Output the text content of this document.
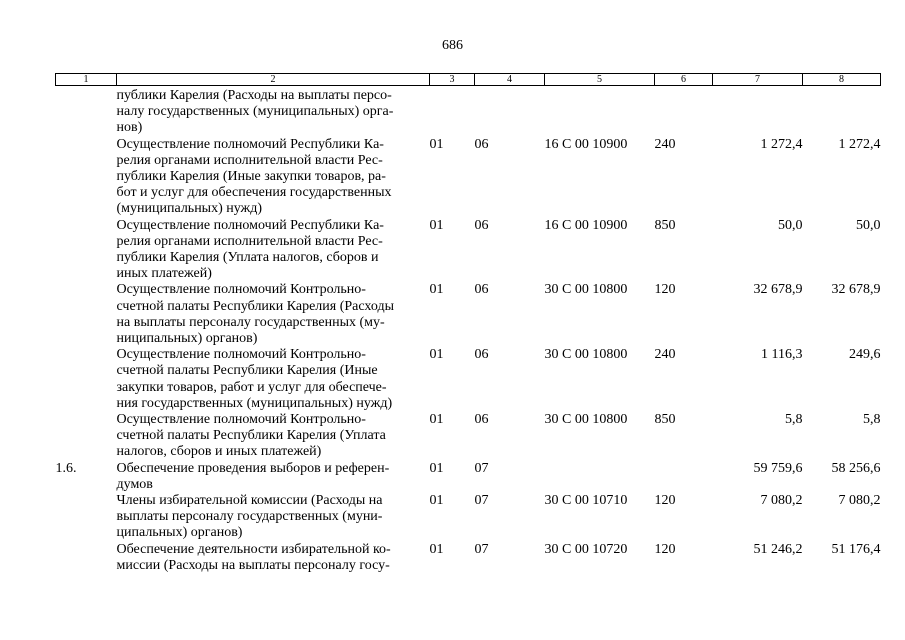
686
1	2	3	4	5	6	7	8

	публики Карелия (Расходы на выплаты персо-
налу государственных (муниципальных) орга-
нов)						

	Осуществление полномочий Республики Ка-
релия органами исполнительной власти Рес-
публики Карелия (Иные закупки товаров, ра-
бот и услуг для обеспечения государственных
(муниципальных) нужд)	01	06	16 С 00 10900	240	1 272,4	1 272,4

	Осуществление полномочий Республики Ка-
релия органами исполнительной власти Рес-
публики Карелия (Уплата налогов, сборов и
иных платежей)	01	06	16 С 00 10900	850	50,0	50,0

	Осуществление полномочий Контрольно-
счетной палаты Республики Карелия (Расходы
на выплаты персоналу государственных (му-
ниципальных) органов)	01	06	30 С 00 10800	120	32 678,9	32 678,9

	Осуществление полномочий Контрольно-
счетной палаты Республики Карелия (Иные
закупки товаров, работ и услуг для обеспече-
ния государственных (муниципальных) нужд)	01	06	30 С 00 10800	240	1 116,3	249,6

	Осуществление полномочий Контрольно-
счетной палаты Республики Карелия (Уплата
налогов, сборов и иных платежей)	01	06	30 С 00 10800	850	5,8	5,8
1.6.	Обеспечение проведения выборов и референ-
думов	01	07			59 759,6	58 256,6

	Члены избирательной комиссии (Расходы на
выплаты персоналу государственных (муни-
ципальных) органов)	01	07	30 С 00 10710	120	7 080,2	7 080,2

	Обеспечение деятельности избирательной ко-
миссии (Расходы на выплаты персоналу госу-	01	07	30 С 00 10720	120	51 246,2	51 176,4
